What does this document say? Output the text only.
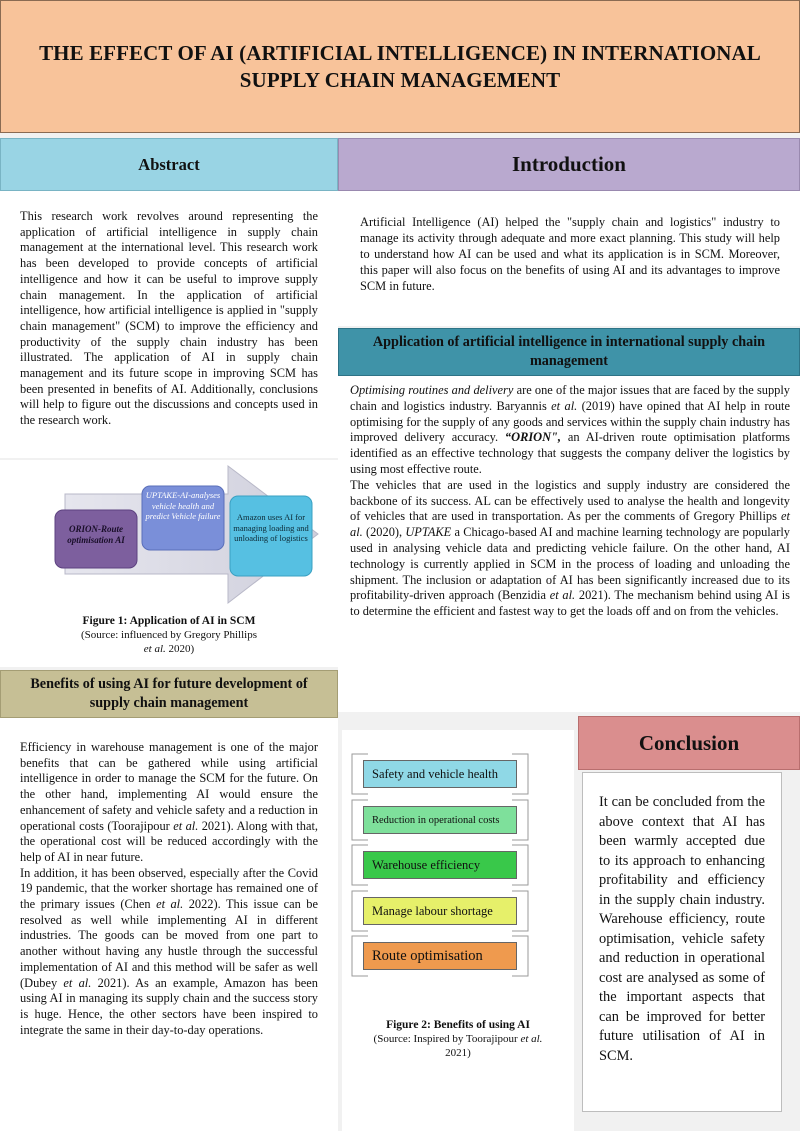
THE EFFECT OF AI (ARTIFICIAL INTELLIGENCE) IN INTERNATIONAL SUPPLY CHAIN MANAGEMENT
Abstract

This research work revolves around representing the application of artificial intelligence in supply chain management at the international level. This research work has been developed to provide concepts of artificial intelligence and how it can be useful to improve supply chain management. In the application of artificial intelligence, how artificial intelligence is applied in "supply chain management" (SCM) to improve the efficiency and productivity of the supply chain industry has been illustrated. The application of AI in supply chain management and its future scope in improving SCM has been presented in benefits of AI. Additionally, conclusions will help to figure out the discussions and concepts used in the research work.

ORION-Route optimisation AI
UPTAKE-AI-analyses vehicle health and predict Vehicle failure	Amazon uses AI for managing loading and unloading of logistics
Figure 1: Application of AI in SCM
(Source: influenced by Gregory Phillips
et al. 2020)
Benefits of using AI for future development of supply chain management

Efficiency in warehouse management is one of the major benefits that can be gathered while using artificial intelligence in order to manage the SCM for the future. On the other hand, implementing AI would ensure the enhancement of safety and vehicle safety and a reduction in operational costs (Toorajipour et al. 2021). Along with that, the operational cost will be reduced accordingly with the help of AI in near future.

In addition, it has been observed, especially after the Covid 19 pandemic, that the worker shortage has remained one of the primary issues (Chen et al. 2022). This issue can be resolved as well while implementing AI in different industries. The goods can be moved from one part to another without having any hustle through the successful implementation of AI and this method will be safer as well (Dubey et al. 2021). As an example, Amazon has been using AI in managing its supply chain and the success story is huge. Hence, the other sectors have been inspired to integrate the same in their day-to-day operations.

Introduction

Artificial Intelligence (AI) helped the "supply chain and logistics" industry to manage its activity through adequate and more exact planning. This study will help to understand how AI can be used and what its application is in SCM. Moreover, this paper will also focus on the benefits of using AI and its advantages to improve SCM in future.

Application of artificial intelligence in international supply chain management

Optimising routines and delivery are one of the major issues that are faced by the supply chain and logistics industry. Baryannis et al. (2019) have opined that AI help in route optimising for the supply of any goods and services within the supply chain industry has improved delivery accuracy. “ORION", an AI-driven route optimisation platforms identified as an effective technology that suggests the company deliver the logistics by using most effective route.

The vehicles that are used in the logistics and supply industry are considered the backbone of its success. AL can be effectively used to analyse the health and longevity of vehicles that are used in transportation. As per the comments of Gregory Phillips et al. (2020), UPTAKE a Chicago-based AI and machine learning technology are popularly used in analysing vehicle data and predicting vehicle failure. On the other hand, AI technology is currently applied in SCM in the process of loading and unloading the shipment. The inclusion or adaptation of AI has been significantly increased due to its profitability-driven approach (Benzidia et al. 2021). The mechanism behind using AI is to determine the efficient and fastest way to get the loads off and on from the vehicles.

Safety and vehicle health
Reduction in operational costs
Warehouse efficiency
Manage labour shortage
Route optimisation
Figure 2: Benefits of using AI
(Source: Inspired by Toorajipour et al.
2021)
Conclusion

It can be concluded from the above context that AI has been warmly accepted due to its approach to enhancing profitability and efficiency in the supply chain industry. Warehouse efficiency, route optimisation, vehicle safety and reduction in operational cost are analysed as some of the important aspects that can be improved for better future utilisation of AI in SCM.
